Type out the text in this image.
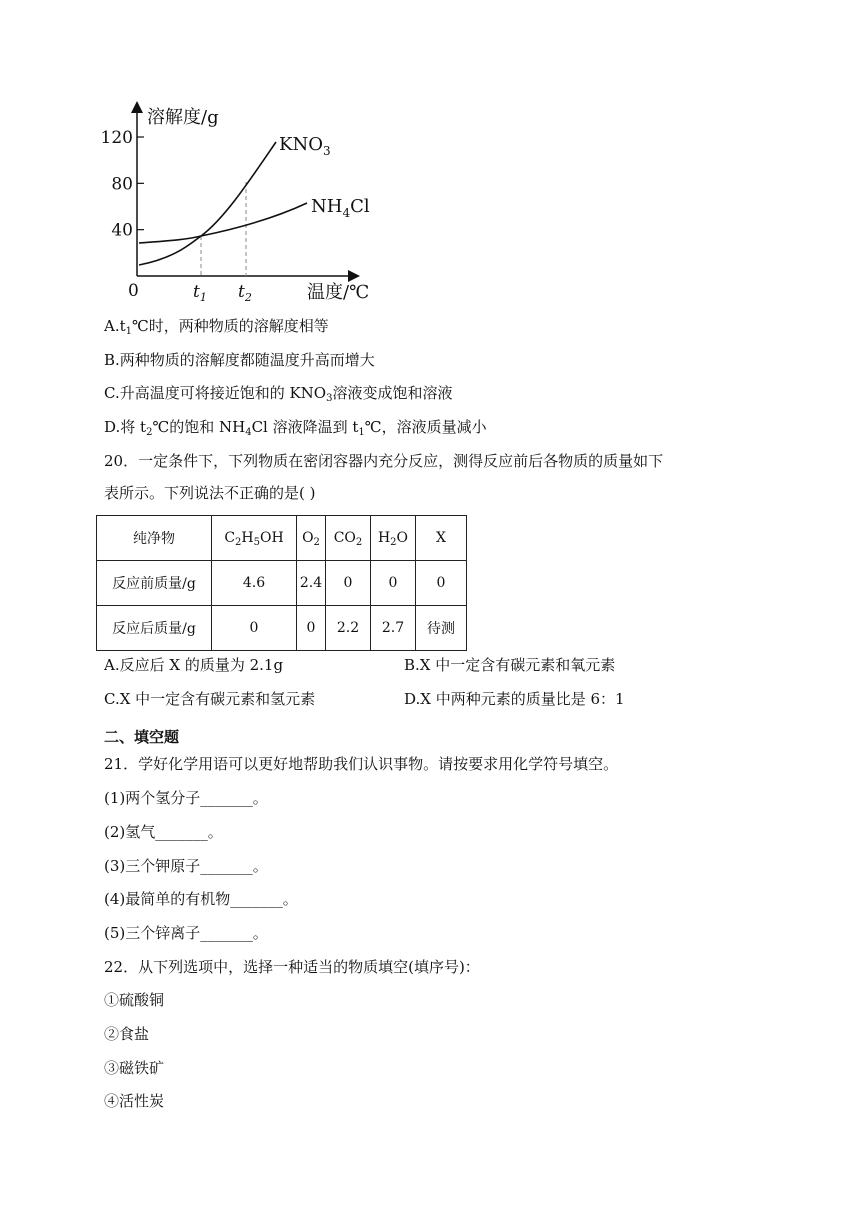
溶解度/g
温度/℃
0
120
80
40
$t_1$ $t_2$
$KNO_3$
$NH_4Cl$
$A.t_1℃$时，两种物质的溶解度相等
B.两种物质的溶解度都随温度升高而增大
C.升高温度可将接近饱和的 $KNO_3$溶液变成饱和溶液
D.将 $t_2℃$的饱和 $NH_4Cl$ 溶液降温到 $t_1℃$，溶液质量减小
20．一定条件下，下列物质在密闭容器内充分反应，测得反应前后各物质的质量如下
表所示。下列说法不正确的是( )
纯净物	$C_2H_5OH$	$O_2$	$CO_2$	$H_2O$	X
反应前质量/g	4.6	2.4	0	0	0
反应后质量/g	0	0	2.2	2.7	待测
A.反应后 X 的质量为 2.1g	B.X 中一定含有碳元素和氧元素
C.X 中一定含有碳元素和氢元素	D.X 中两种元素的质量比是 6：1
二、填空题
21．学好化学用语可以更好地帮助我们认识事物。请按要求用化学符号填空。
(1)两个氢分子_______。
(2)氢气_______。
(3)三个钾原子_______。
(4)最简单的有机物_______。
(5)三个锌离子_______。
22．从下列选项中，选择一种适当的物质填空(填序号)：
①硫酸铜
②食盐
③磁铁矿
④活性炭
